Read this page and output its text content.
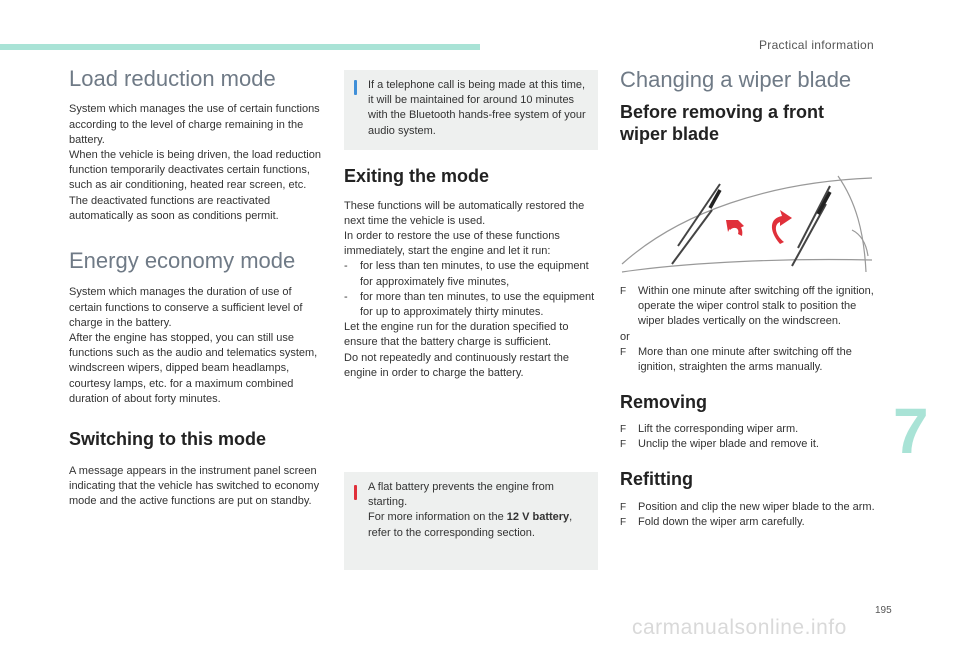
Practical information
7
195
carmanualsonline.info
Load reduction mode

System which manages the use of certain functions according to the level of charge remaining in the battery.

When the vehicle is being driven, the load reduction function temporarily deactivates certain functions, such as air conditioning, heated rear screen, etc.

The deactivated functions are reactivated automatically as soon as conditions permit.

Energy economy mode

System which manages the duration of use of certain functions to conserve a sufficient level of charge in the battery.

After the engine has stopped, you can still use functions such as the audio and telematics system, windscreen wipers, dipped beam headlamps, courtesy lamps, etc. for a maximum combined duration of about forty minutes.

Switching to this mode

A message appears in the instrument panel screen indicating that the vehicle has switched to economy mode and the active functions are put on standby.

If a telephone call is being made at this time, it will be maintained for around 10 minutes with the Bluetooth hands-free system of your audio system.
Exiting the mode

These functions will be automatically restored the next time the vehicle is used.

In order to restore the use of these functions immediately, start the engine and let it run:

- for less than ten minutes, to use the equipment for approximately five minutes,
- for more than ten minutes, to use the equipment for up to approximately thirty minutes.

Let the engine run for the duration specified to ensure that the battery charge is sufficient.

Do not repeatedly and continuously restart the engine in order to charge the battery.

A flat battery prevents the engine from starting.
For more information on the 12 V battery, refer to the corresponding section.
Changing a wiper blade
Before removing a front wiper blade
F Within one minute after switching off the ignition, operate the wiper control stalk to position the wiper blades vertically on the windscreen.

or

F More than one minute after switching off the ignition, straighten the arms manually.
Removing
F Lift the corresponding wiper arm.
F Unclip the wiper blade and remove it.
Refitting
F Position and clip the new wiper blade to the arm.
F Fold down the wiper arm carefully.
